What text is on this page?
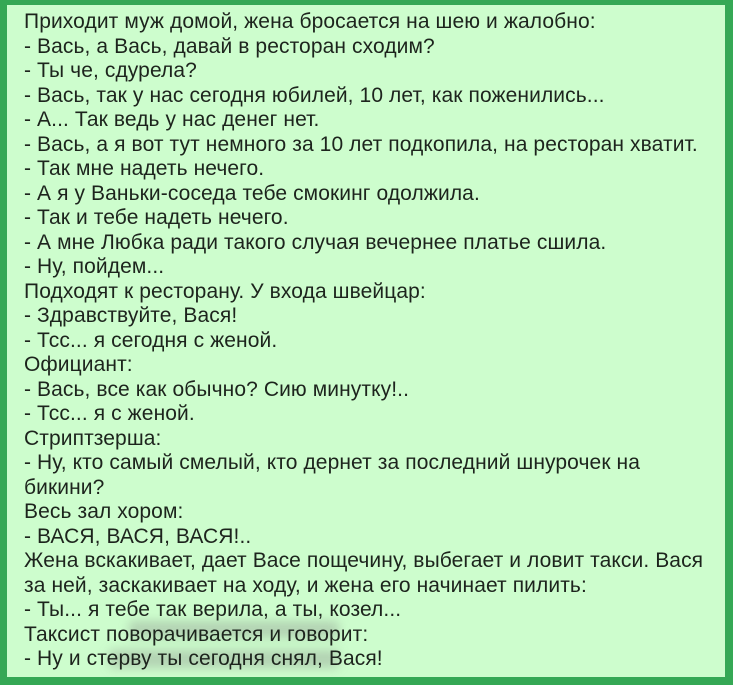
Приходит муж домой, жена бросается на шею и жалобно:
- Вась, а Вась, давай в ресторан сходим?
- Ты че, сдурела?
- Вась, так у нас сегодня юбилей, 10 лет, как поженились...
- А... Так ведь у нас денег нет.
- Вась, а я вот тут немного за 10 лет подкопила, на ресторан хватит.
- Так мне надеть нечего.
- А я у Ваньки-соседа тебе смокинг одолжила.
- Так и тебе надеть нечего.
- А мне Любка ради такого случая вечернее платье сшила.
- Ну, пойдем...
Подходят к ресторану. У входа швейцар:
- Здравствуйте, Вася!
- Тсс... я сегодня с женой.
Официант:
- Вась, все как обычно? Сию минутку!..
- Тсс... я с женой.
Стриптзерша:
- Ну, кто самый смелый, кто дернет за последний шнурочек на
бикини?
Весь зал хором:
- ВАСЯ, ВАСЯ, ВАСЯ!..
Жена вскакивает, дает Васе пощечину, выбегает и ловит такси. Вася
за ней, заскакивает на ходу, и жена его начинает пилить:
- Ты... я тебе так верила, а ты, козел...
Таксист поворачивается и говорит:
- Ну и стерву ты сегодня снял, Вася!
